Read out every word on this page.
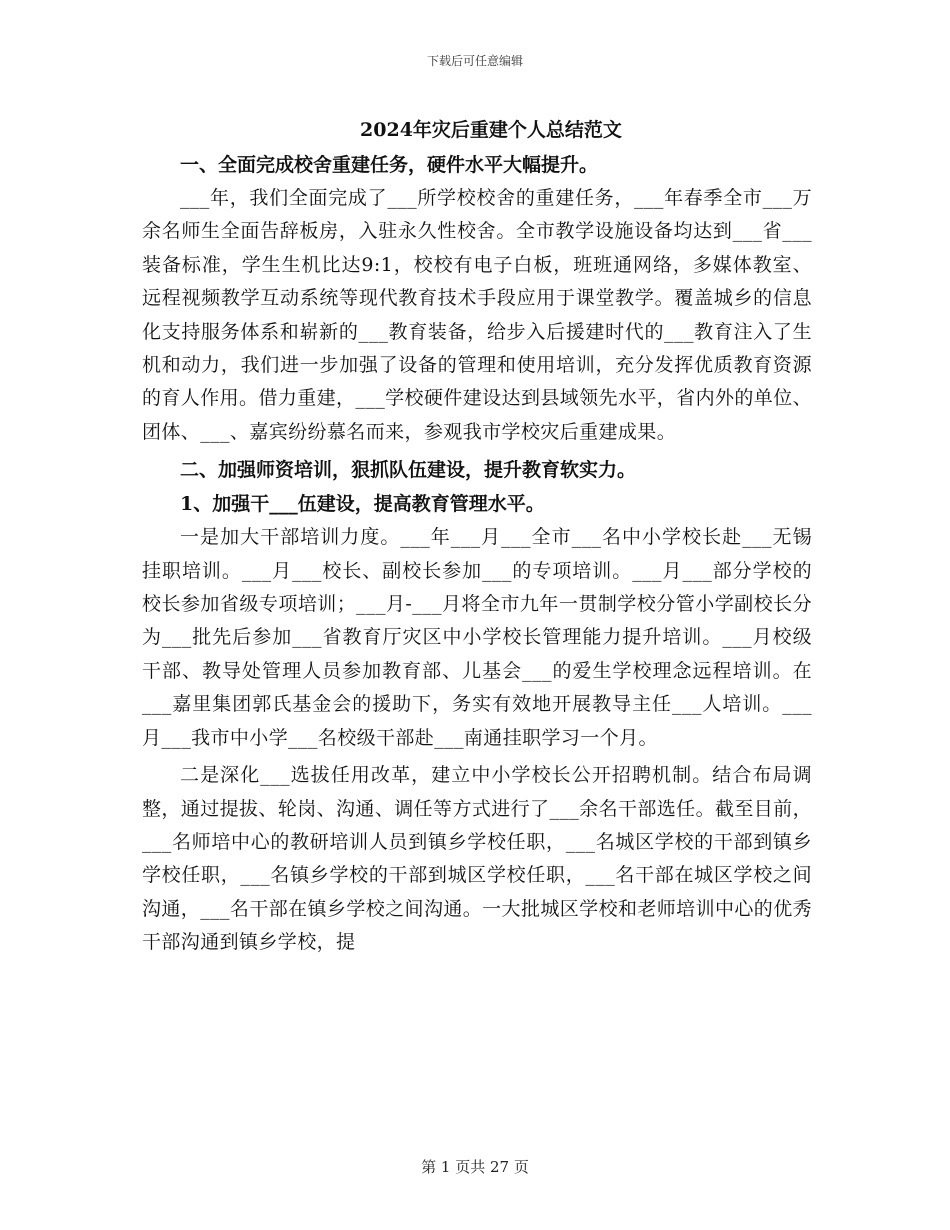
下载后可任意编辑

2024年灾后重建个人总结范文

一、全面完成校舍重建任务，硬件水平大幅提升。

___年，我们全面完成了___所学校校舍的重建任务，___年春季全市___万余名师生全面告辞板房，入驻永久性校舍。全市教学设施设备均达到___省___装备标准，学生生机比达9:1，校校有电子白板，班班通网络，多媒体教室、远程视频教学互动系统等现代教育技术手段应用于课堂教学。覆盖城乡的信息化支持服务体系和崭新的___教育装备，给步入后援建时代的___教育注入了生机和动力，我们进一步加强了设备的管理和使用培训，充分发挥优质教育资源的育人作用。借力重建，___学校硬件建设达到县域领先水平，省内外的单位、团体、___、嘉宾纷纷慕名而来，参观我市学校灾后重建成果。

二、加强师资培训，狠抓队伍建设，提升教育软实力。

1、加强干___伍建设，提高教育管理水平。

一是加大干部培训力度。___年___月___全市___名中小学校长赴___无锡挂职培训。___月___校长、副校长参加___的专项培训。___月___部分学校的校长参加省级专项培训；___月-___月将全市九年一贯制学校分管小学副校长分为___批先后参加___省教育厅灾区中小学校长管理能力提升培训。___月校级干部、教导处管理人员参加教育部、儿基会___的爱生学校理念远程培训。在___嘉里集团郭氏基金会的援助下，务实有效地开展教导主任___人培训。___月___我市中小学___名校级干部赴___南通挂职学习一个月。

二是深化___选拔任用改革，建立中小学校长公开招聘机制。结合布局调整，通过提拔、轮岗、沟通、调任等方式进行了___余名干部选任。截至目前，___名师培中心的教研培训人员到镇乡学校任职，___名城区学校的干部到镇乡学校任职，___名镇乡学校的干部到城区学校任职，___名干部在城区学校之间沟通，___名干部在镇乡学校之间沟通。一大批城区学校和老师培训中心的优秀干部沟通到镇乡学校，提

第 1 页共 27 页
